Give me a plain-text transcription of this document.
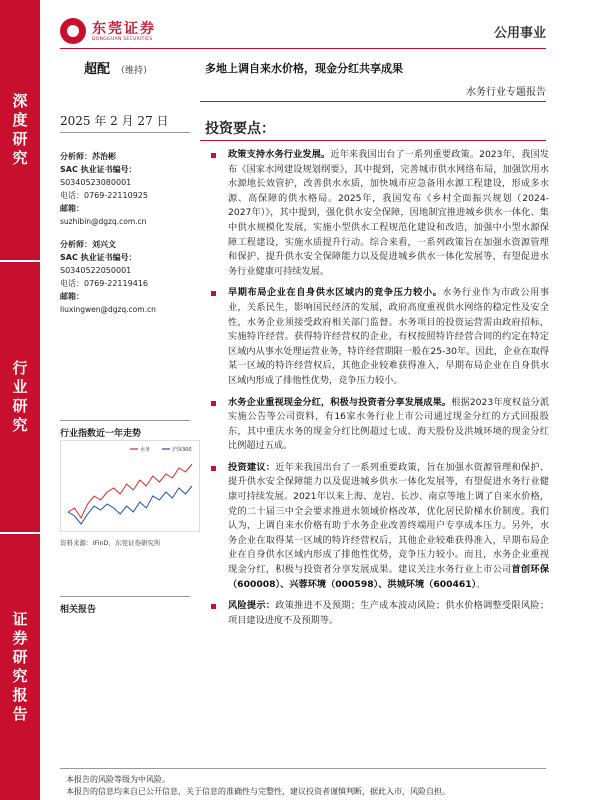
深
度
研
究
行
业
研
究
证
券
研
究
报
告
东莞证券
DONGGUAN SECURITIES	公用事业
超配 （维持）	多地上调自来水价格，现金分红共享成果
水务行业专题报告
2025 年 2 月 27 日
分析师：苏治彬
SAC 执业证书编号：
S0340523080001
电话：0769-22110925
邮箱：
suzhibin@dgzq.com.cn
分析师：刘兴文
SAC 执业证书编号：
S0340522050001
电话：0769-22119416
邮箱：
liuxingwen@dgzq.com.cn
行业指数近一年走势
水务	沪深300
资料来源：iFinD，东莞证券研究所
相关报告
投资要点：

政策支持水务行业发展。近年来我国出台了一系列重要政策。2023年，我国发布《国家水网建设规划纲要》，其中提到，完善城市供水网络布局，加强饮用水水源地长效管护，改善供水水质，加快城市应急备用水源工程建设，形成多水源、高保障的供水格局。2025年，我国发布《乡村全面振兴规划（2024-2027年）》，其中提到，强化供水安全保障，因地制宜推进城乡供水一体化、集中供水规模化发展，实施小型供水工程规范化建设和改造，加强中小型水源保障工程建设，实施水质提升行动。综合来看，一系列政策旨在加强水资源管理和保护、提升供水安全保障能力以及促进城乡供水一体化发展等，有望促进水务行业健康可持续发展。

早期布局企业在自身供水区域内的竞争压力较小。水务行业作为市政公用事业，关系民生，影响国民经济的发展，政府高度重视供水网络的稳定性及安全性，水务企业须接受政府相关部门监督。水务项目的投资运营需由政府招标，实施特许经营。获得特许经营权的企业，有权按照特许经营合同的约定在特定区域内从事水处理运营业务，特许经营期限一般在25-30年。因此，企业在取得某一区域的特许经营权后，其他企业较难获得准入，早期布局企业在自身供水区域内形成了排他性优势，竞争压力较小。

水务企业重视现金分红，积极与投资者分享发展成果。根据2023年度权益分派实施公告等公司资料，有16家水务行业上市公司通过现金分红的方式回报股东，其中重庆水务的现金分红比例超过七成、海天股份及洪城环境的现金分红比例超过五成。

投资建议：近年来我国出台了一系列重要政策，旨在加强水资源管理和保护、提升供水安全保障能力以及促进城乡供水一体化发展等，有望促进水务行业健康可持续发展。2021年以来上海、龙岩、长沙、南京等地上调了自来水价格，党的二十届三中全会要求推进水领域价格改革，优化居民阶梯水价制度。我们认为，上调自来水价格有助于水务企业改善终端用户专享成本压力。另外，水务企业在取得某一区域的特许经营权后，其他企业较难获得准入，早期布局企业在自身供水区域内形成了排他性优势，竞争压力较小。而且，水务企业重视现金分红，积极与投资者分享发展成果。建议关注水务行业上市公司首创环保（600008）、兴蓉环境（000598）、洪城环境（600461）。

风险提示：政策推进不及预期；生产成本波动风险；供水价格调整受限风险；项目建设进度不及预期等。

本报告的风险等级为中风险。
本报告的信息均来自已公开信息，关于信息的准确性与完整性，建议投资者谨慎判断，据此入市，风险自担。
